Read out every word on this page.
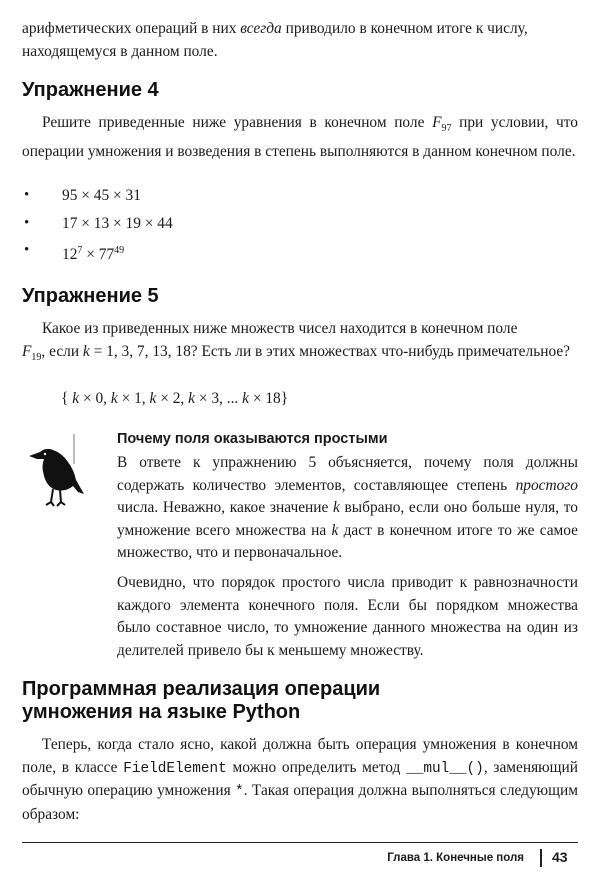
арифметических операций в них всегда приводило в конечном итоге к числу,
находящемуся в данном поле.
Упражнение 4
Решите приведенные ниже уравнения в конечном поле $F_{97}$ при условии, что операции умножения и возведения в степень выполняются в данном конечном поле.
• 95 × 45 × 31
• 17 × 13 × 19 × 44
• $12^7 \times 77^{49}$
Упражнение 5
Какое из приведенных ниже множеств чисел находится в конечном поле
$F_{19}$, если k = 1, 3, 7, 13, 18? Есть ли в этих множествах что-нибудь примечательное?
{ k × 0, k × 1, k × 2, k × 3, ... k × 18}
Почему поля оказываются простыми
В ответе к упражнению 5 объясняется, почему поля должны содержать количество элементов, составляющее степень простого числа. Неважно, какое значение k выбрано, если оно больше нуля, то умножение всего множества на k даст в конечном итоге то же самое множество, что и первоначальное.
Очевидно, что порядок простого числа приводит к равнозначности каждого элемента конечного поля. Если бы порядком множества было составное число, то умножение данного множества на один из делителей привело бы к меньшему множеству.
Программная реализация операции
умножения на языке Python
Теперь, когда стало ясно, какой должна быть операция умножения в конечном поле, в классе FieldElement можно определить метод __mul__(), заменяющий обычную операцию умножения *. Такая операция должна выполняться следующим образом:
Глава 1. Конечные поля 43
